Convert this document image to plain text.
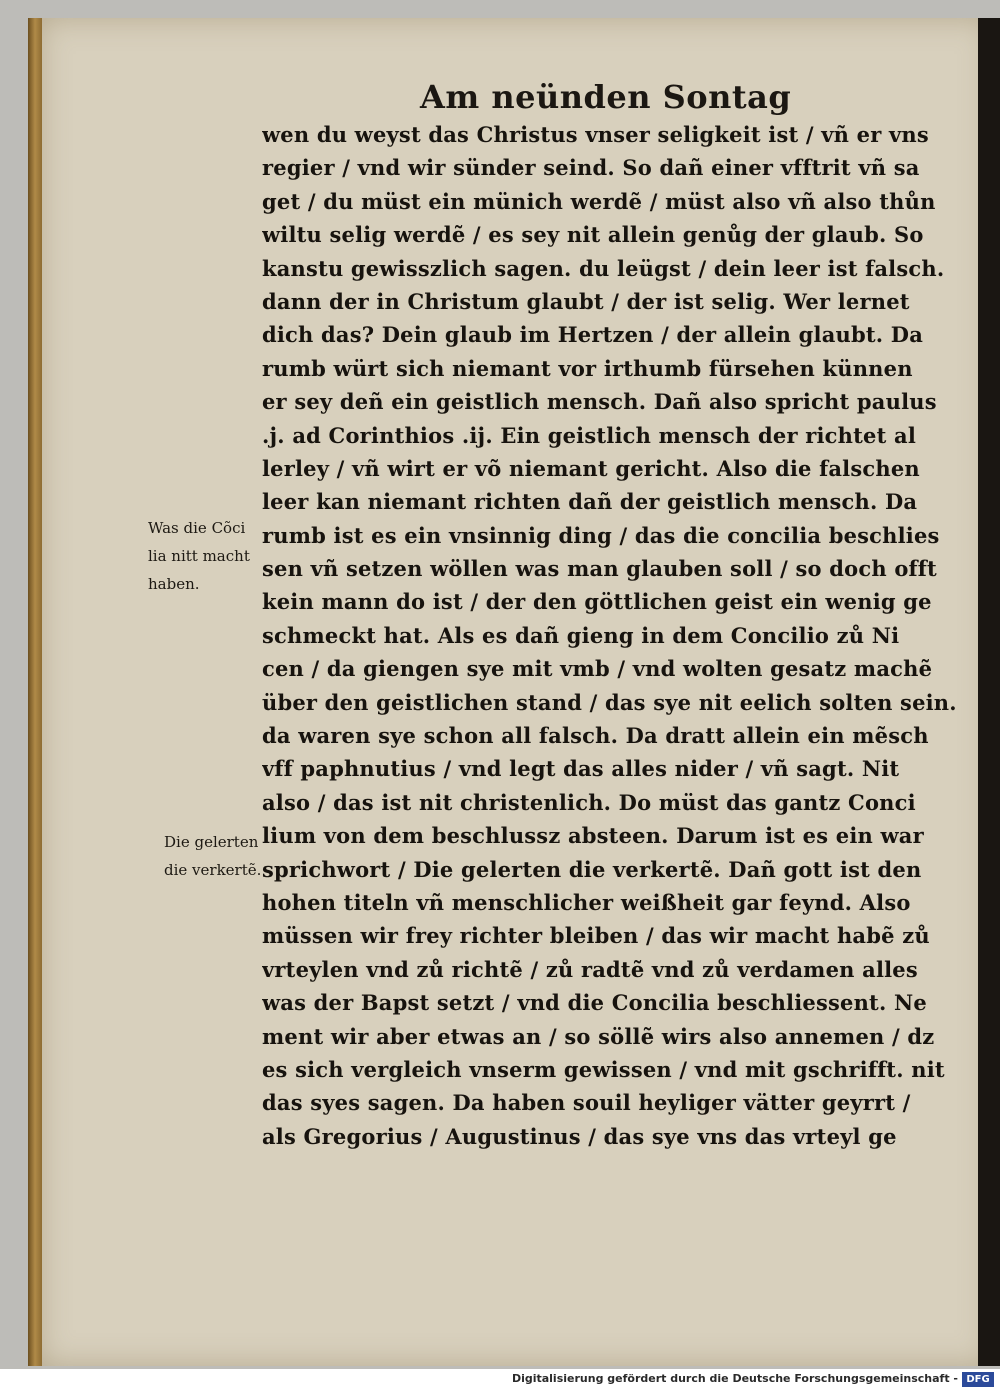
Am neünden Sontag
wen du weyst das Christus vnser seligkeit ist / vñ er vns
regier / vnd wir sünder seind. So dañ einer vfftrit vñ sa
get / du müst ein münich werdẽ / müst also vñ also thůn
wiltu selig werdẽ / es sey nit allein genůg der glaub. So
kanstu gewisszlich sagen. du leügst / dein leer ist falsch.
dann der in Christum glaubt / der ist selig. Wer lernet
dich das? Dein glaub im Hertzen / der allein glaubt. Da
rumb würt sich niemant vor irthumb fürsehen künnen
er sey deñ ein geistlich mensch. Dañ also spricht paulus
.j. ad Corinthios .ij. Ein geistlich mensch der richtet al
lerley / vñ wirt er võ niemant gericht. Also die falschen
leer kan niemant richten dañ der geistlich mensch. Da
rumb ist es ein vnsinnig ding / das die concilia beschlies
sen vñ setzen wöllen was man glauben soll / so doch offt
kein mann do ist / der den göttlichen geist ein wenig ge
schmeckt hat. Als es dañ gieng in dem Concilio zů Ni
cen / da giengen sye mit vmb / vnd wolten gesatz machẽ
über den geistlichen stand / das sye nit eelich solten sein.
da waren sye schon all falsch. Da dratt allein ein mẽsch
vff paphnutius / vnd legt das alles nider / vñ sagt. Nit
also / das ist nit christenlich. Do müst das gantz Conci
lium von dem beschlussz absteen. Darum ist es ein war
sprichwort / Die gelerten die verkertẽ. Dañ gott ist den
hohen titeln vñ menschlicher weißheit gar feynd. Also
müssen wir frey richter bleiben / das wir macht habẽ zů
vrteylen vnd zů richtẽ / zů radtẽ vnd zů verdamen alles
was der Bapst setzt / vnd die Concilia beschliessent. Ne
ment wir aber etwas an / so söllẽ wirs also annemen / dz
es sich vergleich vnserm gewissen / vnd mit gschrifft. nit
das syes sagen. Da haben souil heyliger vätter geyrrt /
als Gregorius / Augustinus / das sye vns das vrteyl ge
Was die Cõci
lia nitt macht
haben.
Die gelerten
die verkertẽ.
Digitalisierung gefördert durch die Deutsche Forschungsgemeinschaft - DFG
